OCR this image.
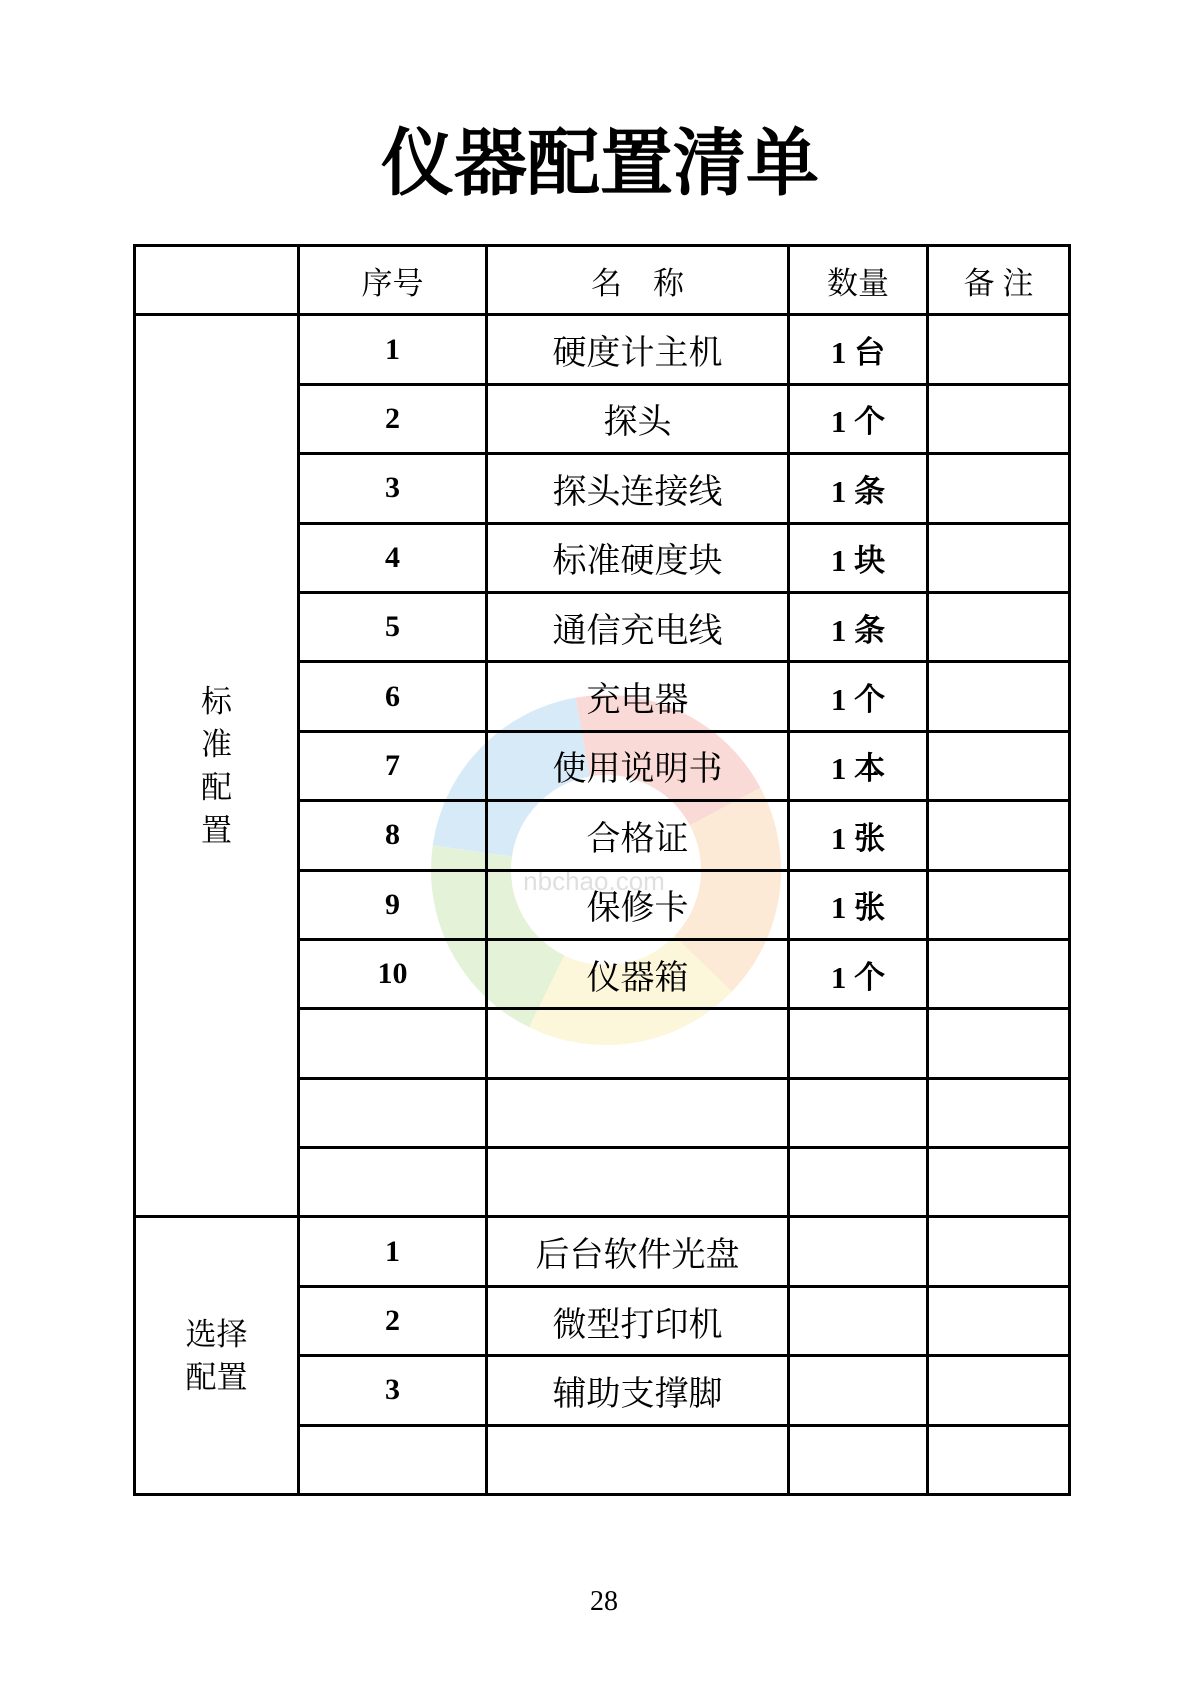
仪器配置清单
nbchao.com
	序号	名　称	数量	备 注
标准配置	1	硬度计主机	1 台	
	2	探头	1 个	
	3	探头连接线	1 条	
	4	标准硬度块	1 块	
	5	通信充电线	1 条	
	6	充电器	1 个	
	7	使用说明书	1 本	
	8	合格证	1 张	
	9	保修卡	1 张	
	10	仪器箱	1 个	

选择配置	1	后台软件光盘		
	2	微型打印机		
	3	辅助支撑脚		

28
